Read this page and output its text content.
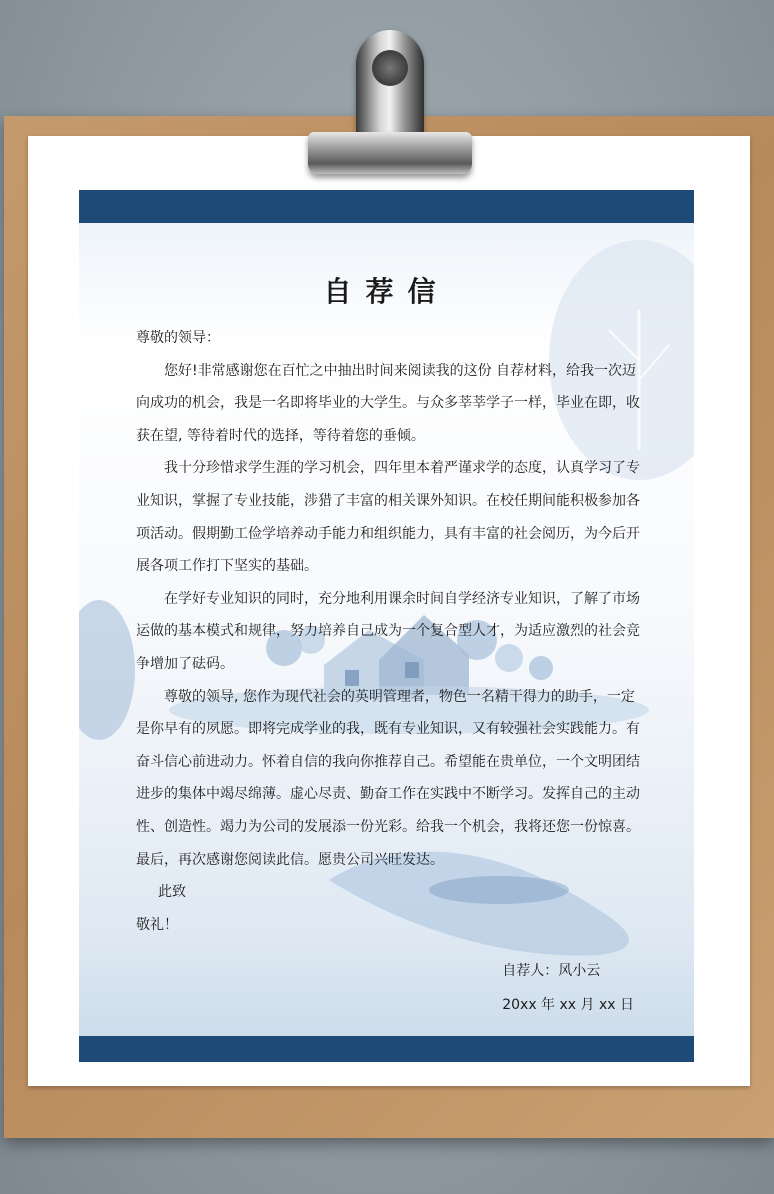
自荐信

尊敬的领导：

您好!非常感谢您在百忙之中抽出时间来阅读我的这份 自荐材料，给我一次迈向成功的机会，我是一名即将毕业的大学生。与众多莘莘学子一样，毕业在即，收获在望, 等待着时代的选择，等待着您的垂倾。

我十分珍惜求学生涯的学习机会，四年里本着严谨求学的态度，认真学习了专业知识，掌握了专业技能，涉猎了丰富的相关课外知识。在校任期间能积极参加各项活动。假期勤工俭学培养动手能力和组织能力，具有丰富的社会阅历，为今后开展各项工作打下坚实的基础。

在学好专业知识的同时，充分地利用课余时间自学经济专业知识，了解了市场运做的基本模式和规律，努力培养自己成为一个复合型人才，为适应激烈的社会竞争增加了砝码。

尊敬的领导, 您作为现代社会的英明管理者，物色一名精干得力的助手，一定是你早有的夙愿。即将完成学业的我，既有专业知识，又有较强社会实践能力。有奋斗信心前进动力。怀着自信的我向你推荐自己。希望能在贵单位，一个文明团结进步的集体中竭尽绵薄。虚心尽责、勤奋工作在实践中不断学习。发挥自己的主动性、创造性。竭力为公司的发展添一份光彩。给我一个机会，我将还您一份惊喜。最后，再次感谢您阅读此信。愿贵公司兴旺发达。

此致

敬礼！

自荐人：风小云
20xx 年 xx 月 xx 日
